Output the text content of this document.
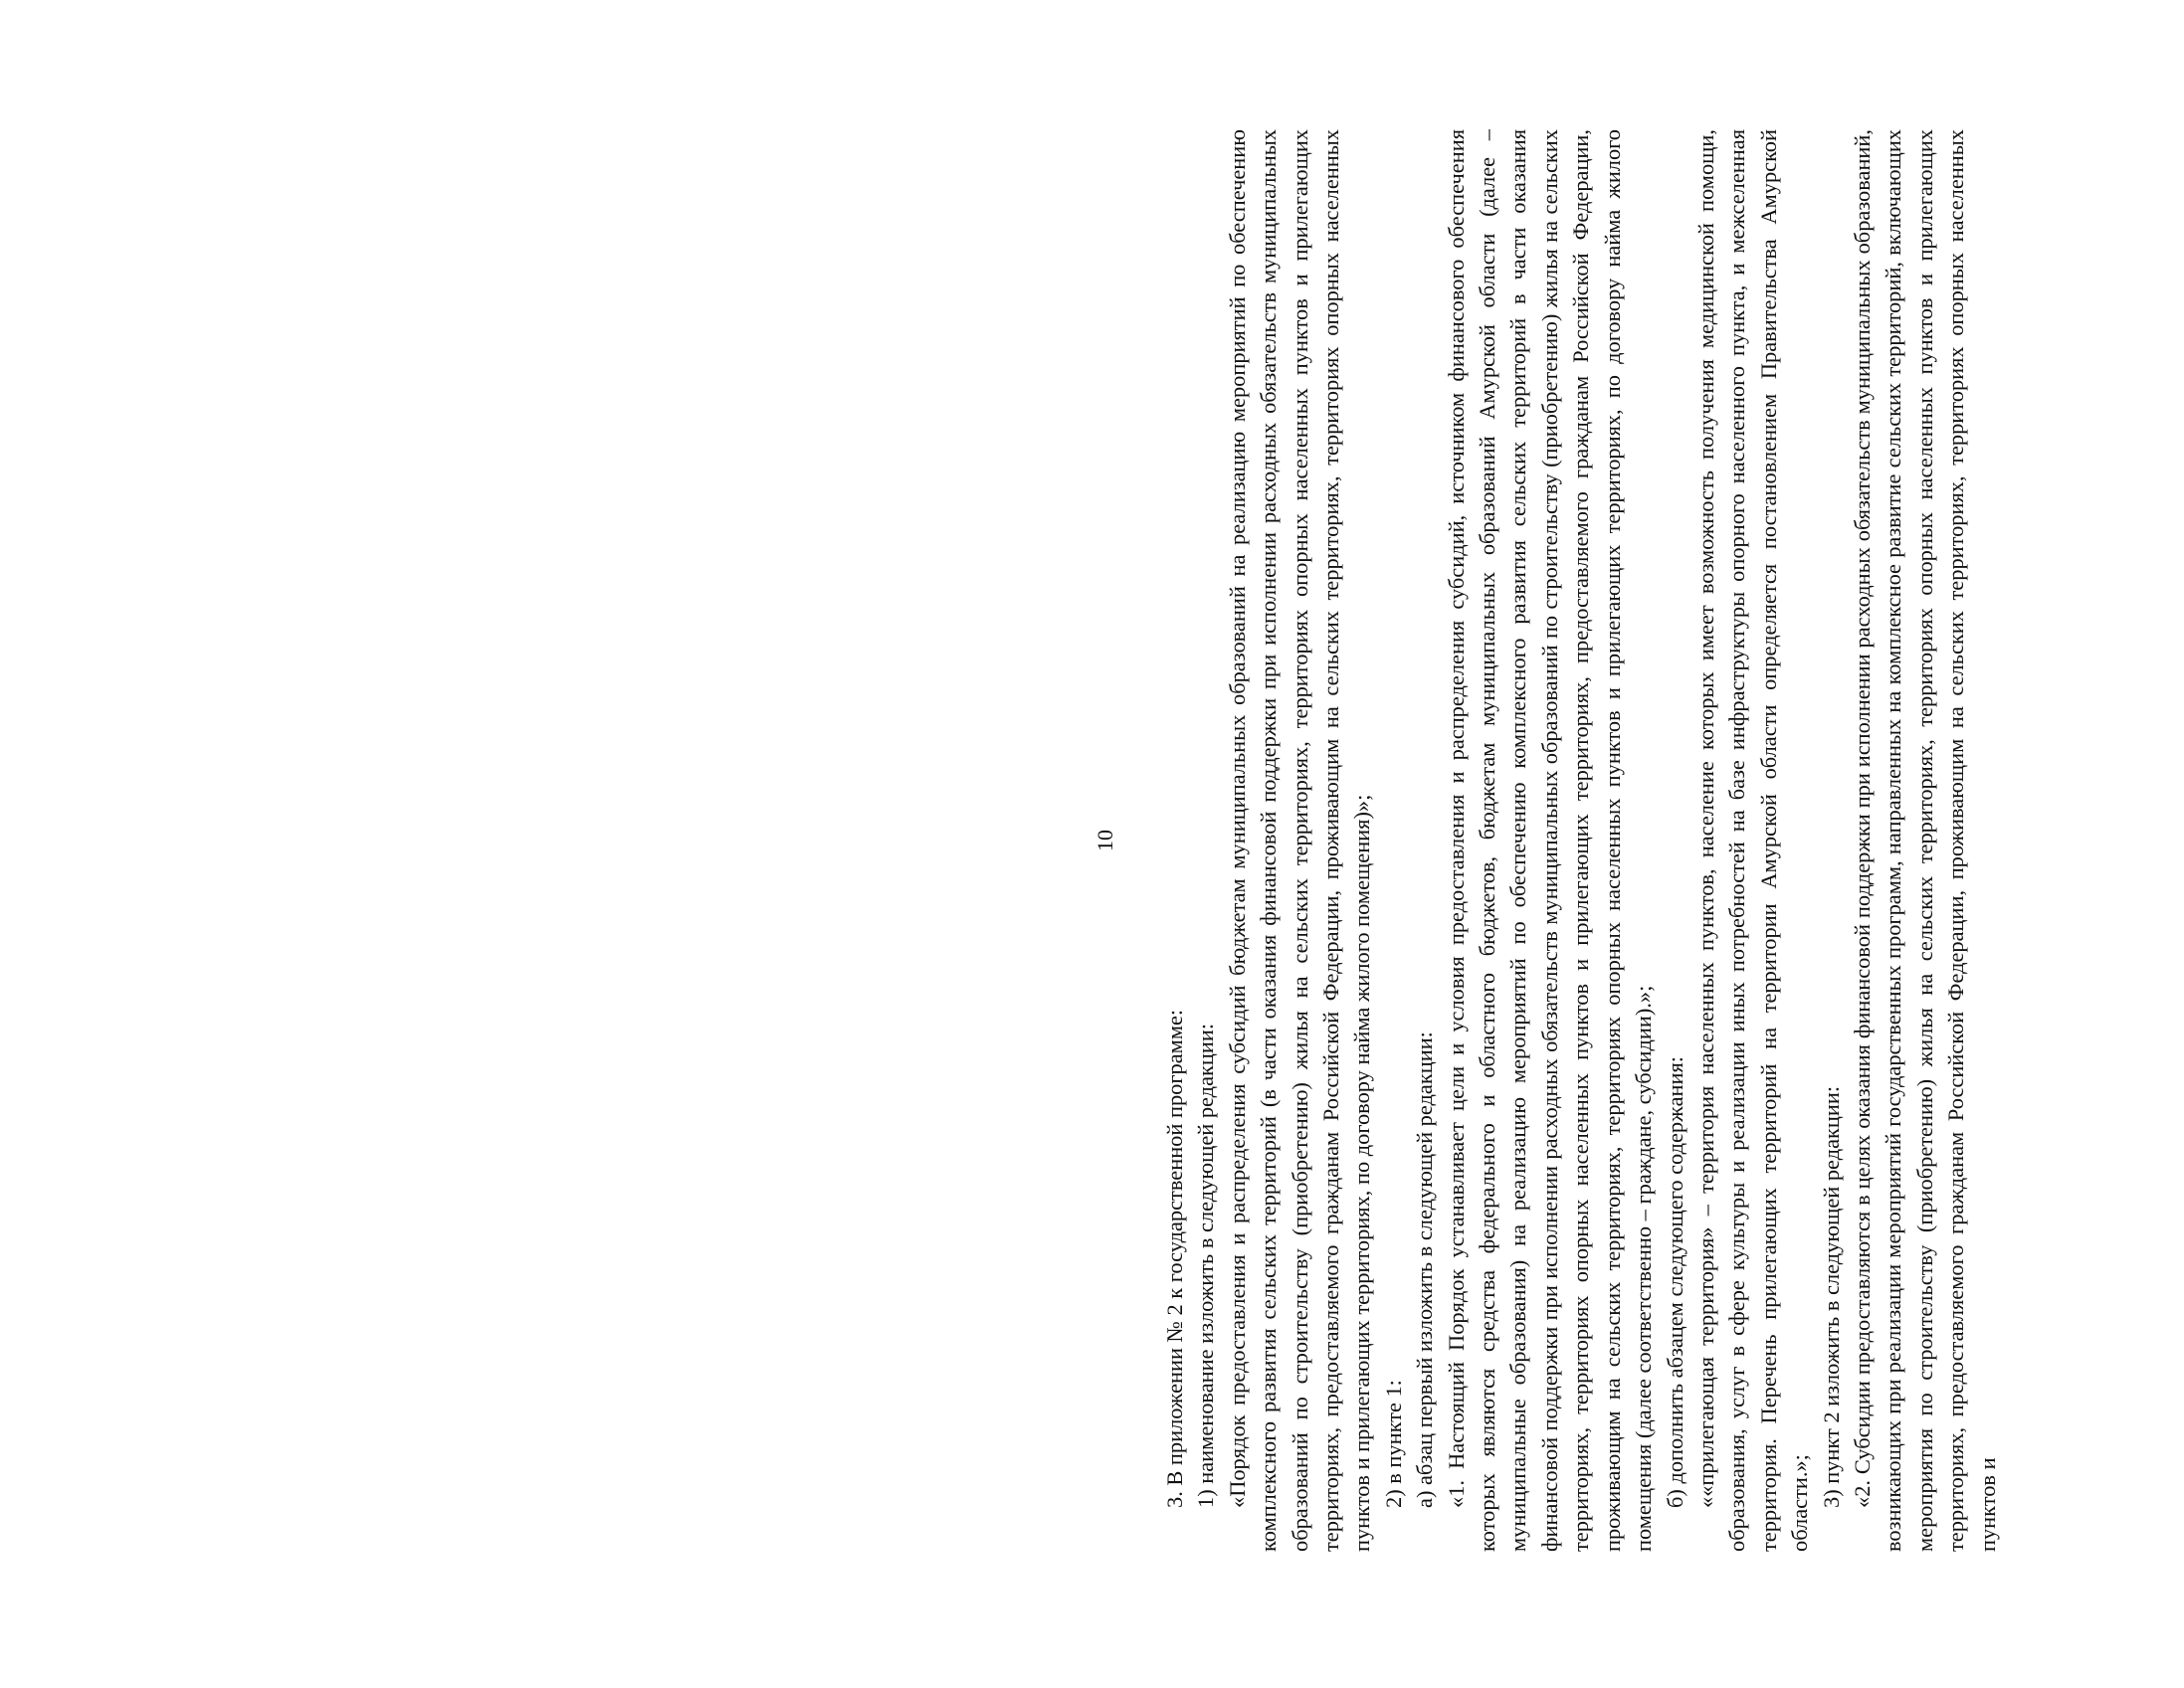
10

3. В приложении № 2 к государственной программе: 1) наименование изложить в следующей редакции: «Порядок предоставления и распределения субсидий бюджетам муниципальных образований на реализацию мероприятий по обеспечению комплексного развития сельских территорий (в части оказания финансовой поддержки при исполнении расходных обязательств муниципальных образований по строительству (приобретению) жилья на сельских территориях, территориях опорных населенных пунктов и прилегающих территориях, предоставляемого гражданам Российской Федерации, проживающим на сельских территориях, территориях опорных населенных пунктов и прилегающих территориях, по договору найма жилого помещения)»; 2) в пункте 1: а) абзац первый изложить в следующей редакции: «1. Настоящий Порядок устанавливает цели и условия предоставления и распределения субсидий, источником финансового обеспечения которых являются средства федерального и областного бюджетов, бюджетам муниципальных образований Амурской области (далее – муниципальные образования) на реализацию мероприятий по обеспечению комплексного развития сельских территорий в части оказания финансовой поддержки при исполнении расходных обязательств муниципальных образований по строительству (приобретению) жилья на сельских территориях, территориях опорных населенных пунктов и прилегающих территориях, предоставляемого гражданам Российской Федерации, проживающим на сельских территориях, территориях опорных населенных пунктов и прилегающих территориях, по договору найма жилого помещения (далее соответственно – граждане, субсидии).»; б) дополнить абзацем следующего содержания: ««прилегающая территория» – территория населенных пунктов, население которых имеет возможность получения медицинской помощи, образования, услуг в сфере культуры и реализации иных потребностей на базе инфраструктуры опорного населенного пункта, и межселенная территория. Перечень прилегающих территорий на территории Амурской области определяется постановлением Правительства Амурской области.»; 3) пункт 2 изложить в следующей редакции: «2. Субсидии предоставляются в целях оказания финансовой поддержки при исполнении расходных обязательств муниципальных образований, возникающих при реализации мероприятий государственных программ, направленных на комплексное развитие сельских территорий, включающих мероприятия по строительству (приобретению) жилья на сельских территориях, территориях опорных населенных пунктов и прилегающих территориях, предоставляемого гражданам Российской Федерации, проживающим на сельских территориях, территориях опорных населенных пунктов и
